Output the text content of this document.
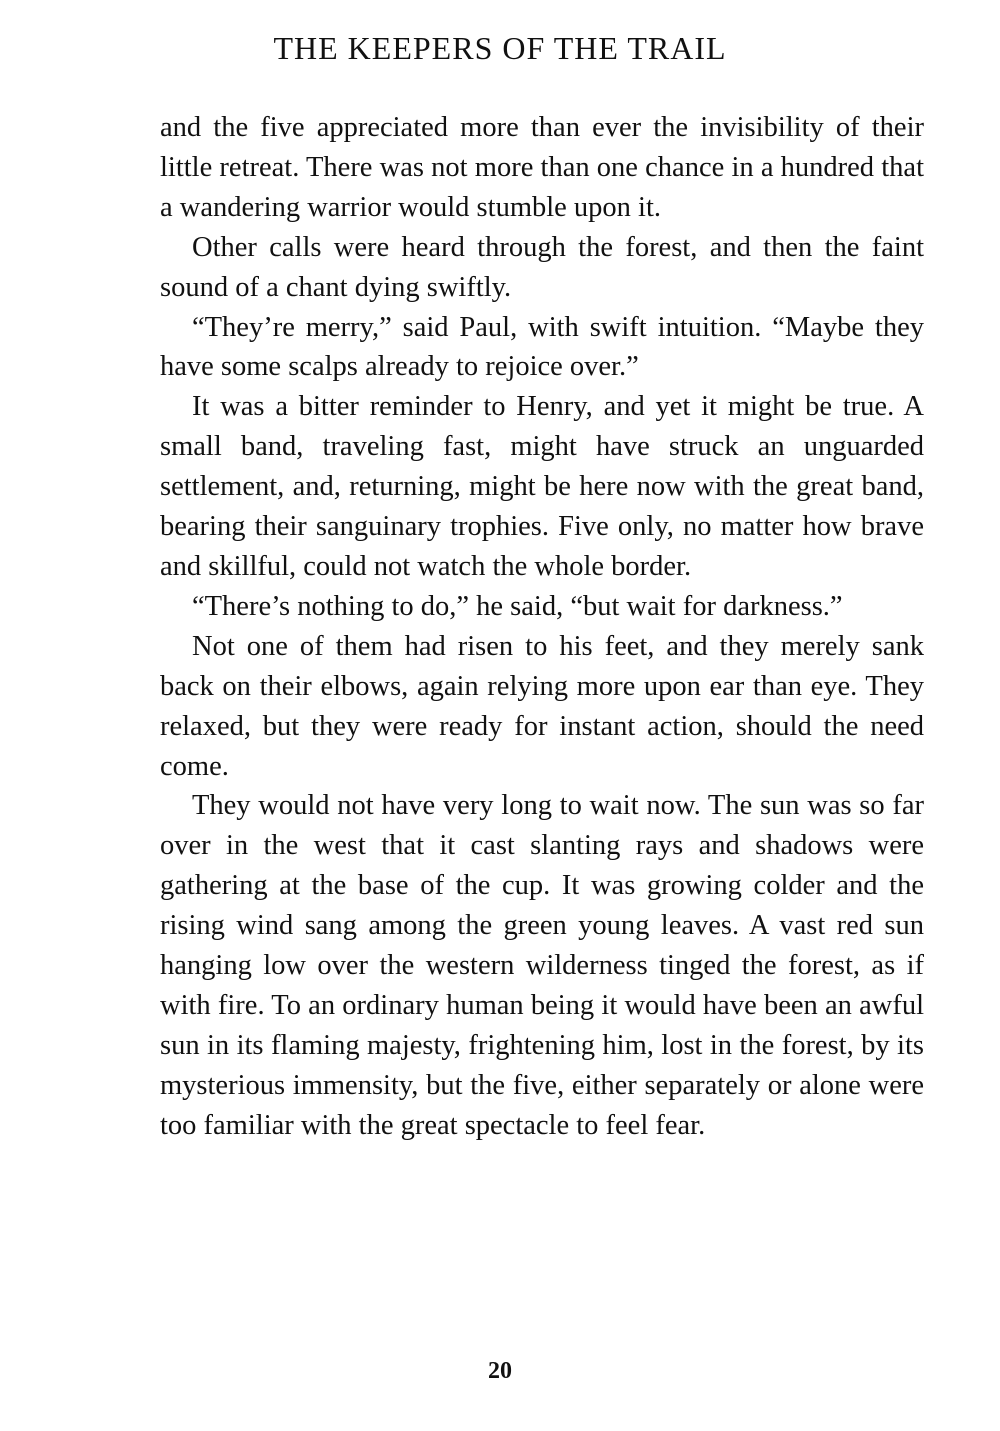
THE KEEPERS OF THE TRAIL

and the five appreciated more than ever the invisibility of their little retreat. There was not more than one chance in a hundred that a wandering warrior would stumble upon it.

Other calls were heard through the forest, and then the faint sound of a chant dying swiftly.

“They’re merry,” said Paul, with swift intuition. “Maybe they have some scalps already to rejoice over.”

It was a bitter reminder to Henry, and yet it might be true. A small band, traveling fast, might have struck an unguarded settlement, and, returning, might be here now with the great band, bearing their sanguinary trophies. Five only, no matter how brave and skillful, could not watch the whole border.

“There’s nothing to do,” he said, “but wait for darkness.”

Not one of them had risen to his feet, and they merely sank back on their elbows, again relying more upon ear than eye. They relaxed, but they were ready for instant action, should the need come.

They would not have very long to wait now. The sun was so far over in the west that it cast slanting rays and shadows were gathering at the base of the cup. It was growing colder and the rising wind sang among the green young leaves. A vast red sun hanging low over the western wilderness tinged the forest, as if with fire. To an ordinary human being it would have been an awful sun in its flaming majesty, frightening him, lost in the forest, by its mysterious immensity, but the five, either separately or alone were too familiar with the great spectacle to feel fear.

20
